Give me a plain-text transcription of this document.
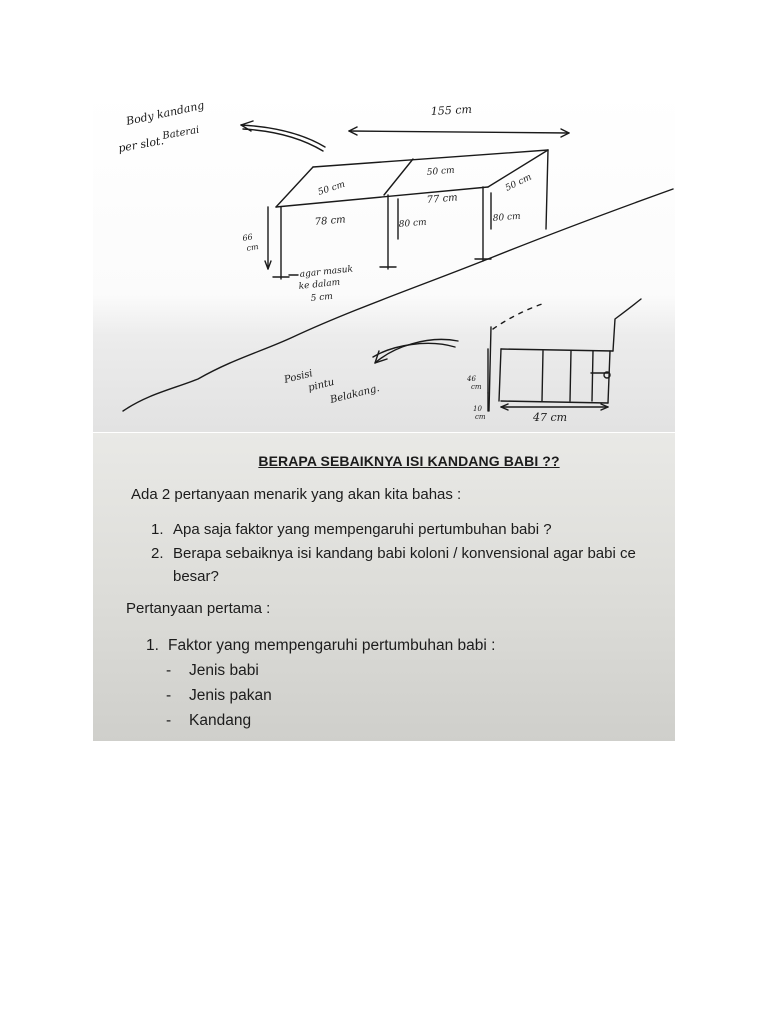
Body kandang
Baterai
per slot.
155 cm
50 cm
50 cm
50 cm
78 cm
77 cm
66
cm
80 cm	80 cm
agar masuk
ke dalam
5 cm
Posisi
pintu
Belakang.
46
cm
10
cm	47 cm
BERAPA SEBAIKNYA ISI KANDANG BABI ??
Ada 2 pertanyaan menarik yang akan kita bahas :
1. Apa saja faktor yang mempengaruhi pertumbuhan babi ?
2. Berapa sebaiknya isi kandang babi koloni / konvensional agar babi ce
besar?
Pertanyaan pertama :
1. Faktor yang mempengaruhi pertumbuhan babi :
- Jenis babi
- Jenis pakan
- Kandang
